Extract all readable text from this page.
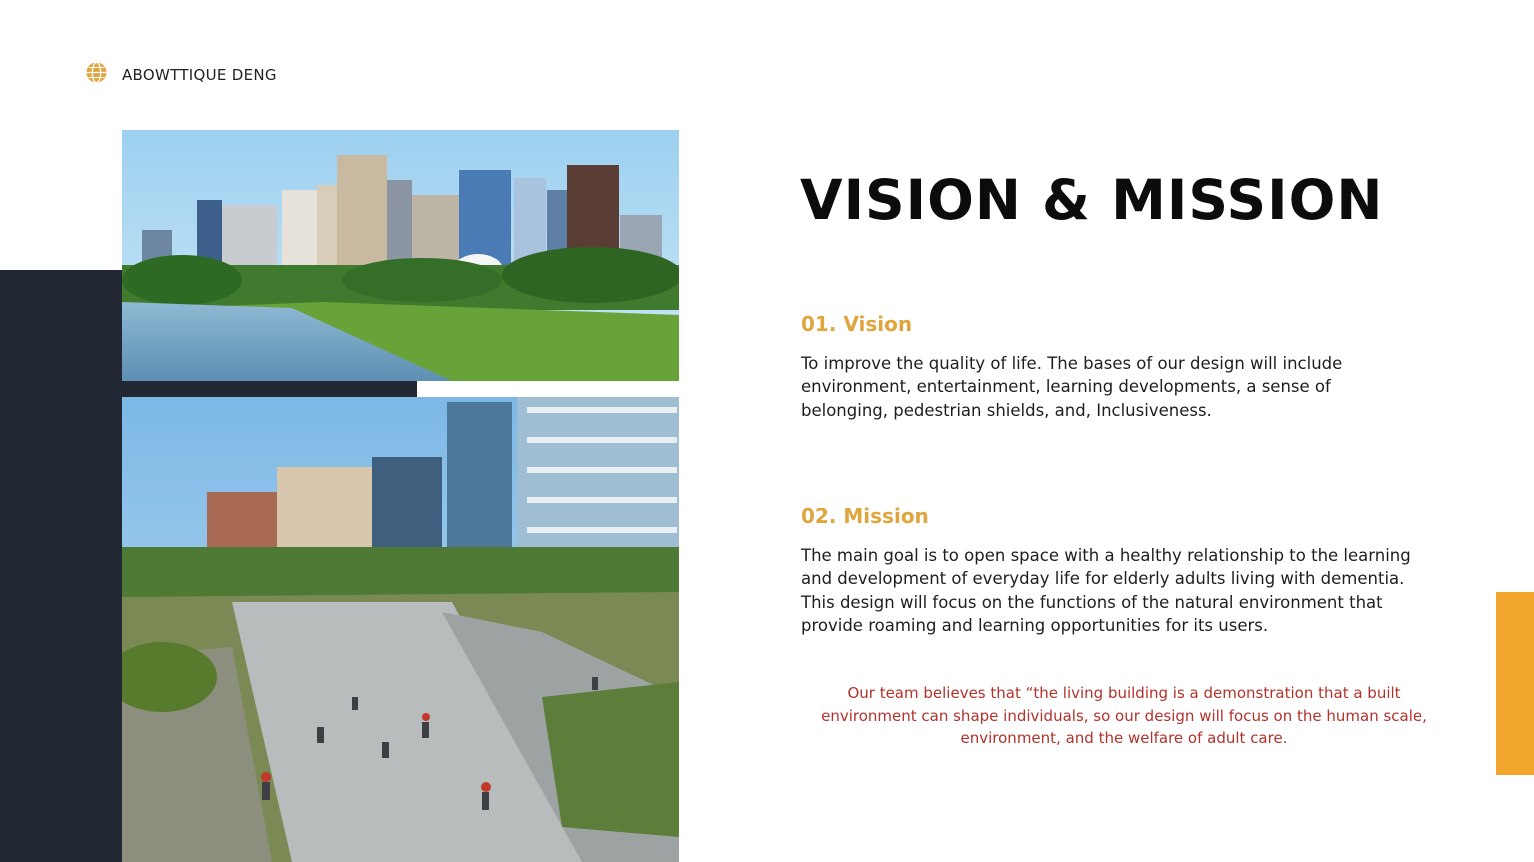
ABOWTTIQUE DENG
VISION & MISSION
01. Vision

To improve the quality of life. The bases of our design will include environment, entertainment, learning developments, a sense of belonging, pedestrian shields, and, Inclusiveness.

02. Mission

The main goal is to open space with a healthy relationship to the learning and development of everyday life for elderly adults living with dementia. This design will focus on the functions of the natural environment that provide roaming and learning opportunities for its users.

Our team believes that “the living building is a demonstration that a built environment can shape individuals, so our design will focus on the human scale, environment, and the welfare of adult care.
